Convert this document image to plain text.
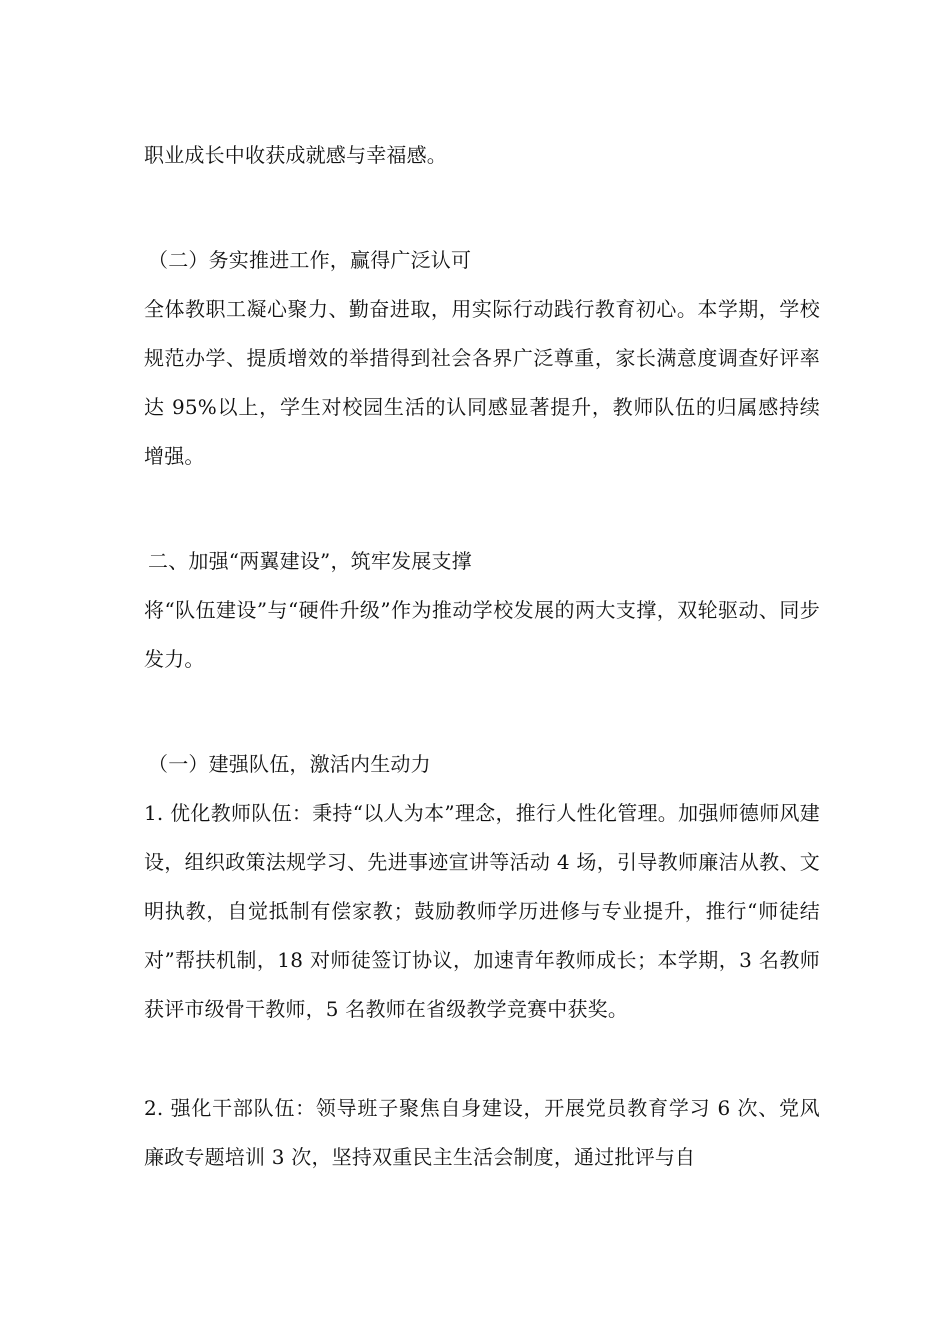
职业成长中收获成就感与幸福感。

（二）务实推进工作，赢得广泛认可

全体教职工凝心聚力、勤奋进取，用实际行动践行教育初心。本学期，学校规范办学、提质增效的举措得到社会各界广泛尊重，家长满意度调查好评率达 95%以上，学生对校园生活的认同感显著提升，教师队伍的归属感持续增强。

二、加强“两翼建设”，筑牢发展支撑

将“队伍建设”与“硬件升级”作为推动学校发展的两大支撑，双轮驱动、同步发力。

（一）建强队伍，激活内生动力

1. 优化教师队伍：秉持“以人为本”理念，推行人性化管理。加强师德师风建设，组织政策法规学习、先进事迹宣讲等活动 4 场，引导教师廉洁从教、文明执教，自觉抵制有偿家教；鼓励教师学历进修与专业提升，推行“师徒结对”帮扶机制，18 对师徒签订协议，加速青年教师成长；本学期，3 名教师获评市级骨干教师，5 名教师在省级教学竞赛中获奖。

2. 强化干部队伍：领导班子聚焦自身建设，开展党员教育学习 6 次、党风廉政专题培训 3 次，坚持双重民主生活会制度，通过批评与自
